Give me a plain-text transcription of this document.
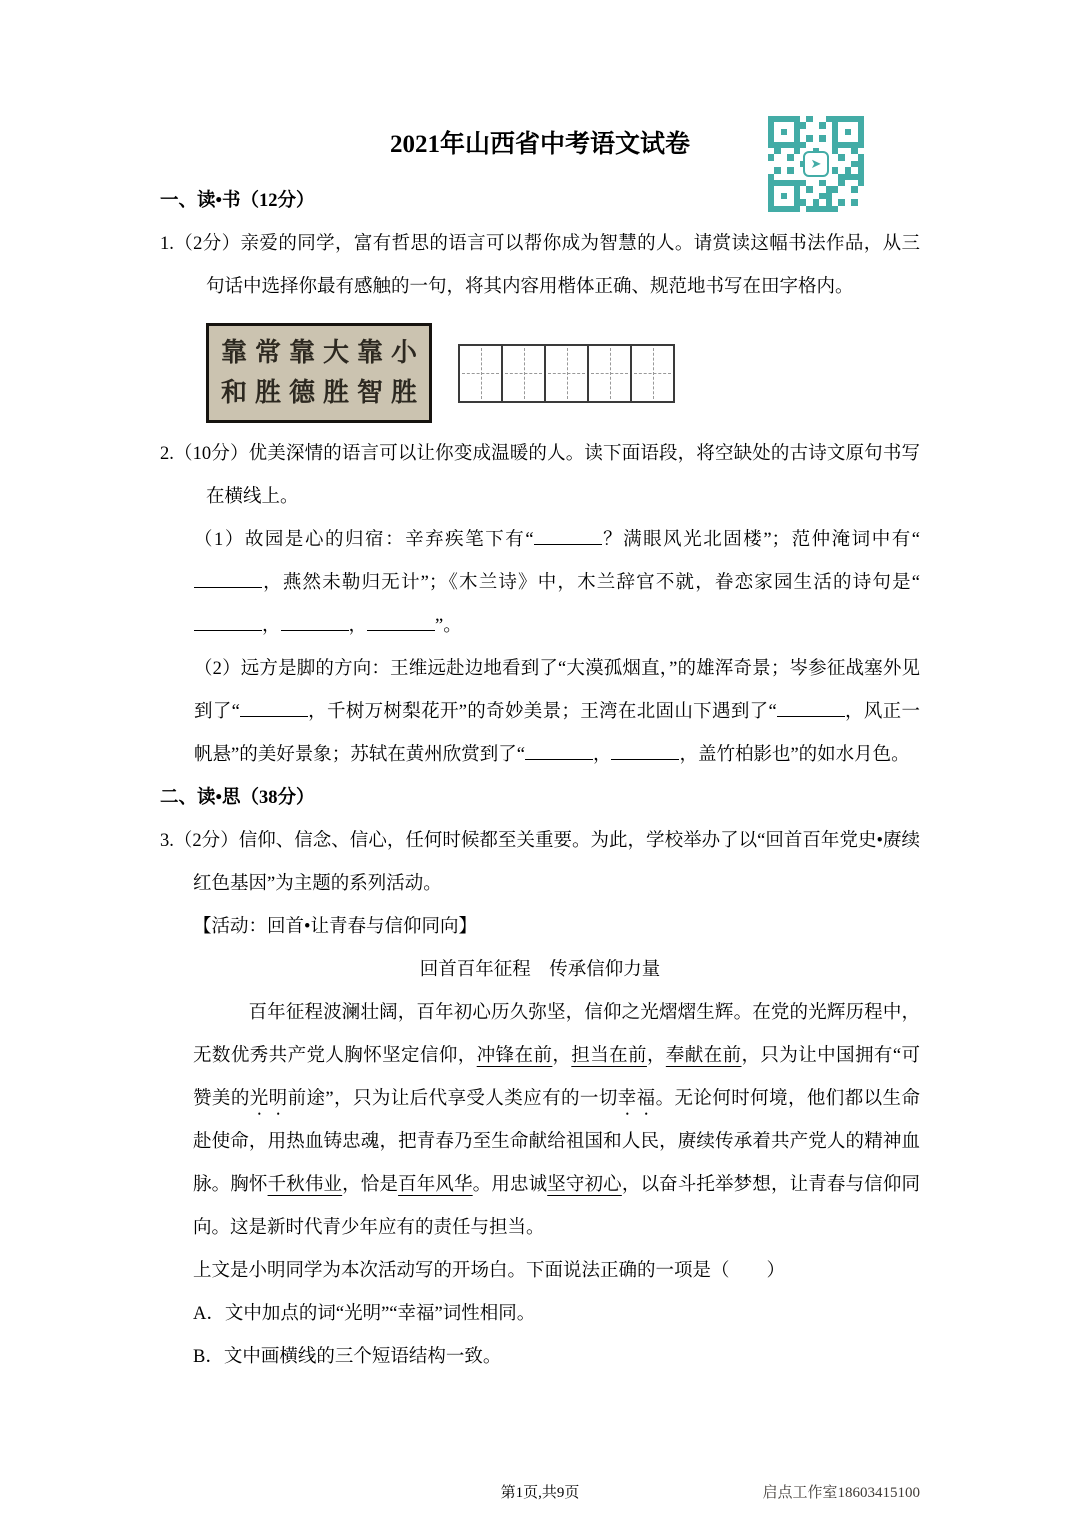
➤
2021年山西省中考语文试卷
一、读•书（12分）

1.（2分）亲爱的同学，富有哲思的语言可以帮你成为智慧的人。请赏读这幅书法作品，从三句话中选择你最有感触的一句，将其内容用楷体正确、规范地书写在田字格内。

靠常靠大靠小
和胜德胜智胜

2.（10分）优美深情的语言可以让你变成温暖的人。读下面语段，将空缺处的古诗文原句书写在横线上。

（1）故园是心的归宿：辛弃疾笔下有“	？满眼风光北固楼”；范仲淹词中有“，燕然未勒归无计”；《木兰诗》中，木兰辞官不就，眷恋家园生活的诗句是“，	，	”。

（2）远方是脚的方向：王维远赴边地看到了“大漠孤烟直，”的雄浑奇景；岑参征战塞外见到了“	，千树万树梨花开”的奇妙美景；王湾在北固山下遇到了“	，风正一帆悬”的美好景象；苏轼在黄州欣赏到了“	，	，盖竹柏影也”的如水月色。

二、读•思（38分）

3.（2分）信仰、信念、信心，任何时候都至关重要。为此，学校举办了以“回首百年党史•赓续红色基因”为主题的系列活动。

【活动：回首•让青春与信仰同向】

回首百年征程　传承信仰力量

百年征程波澜壮阔，百年初心历久弥坚，信仰之光熠熠生辉。在党的光辉历程中，无数优秀共产党人胸怀坚定信仰，冲锋在前，担当在前，奉献在前，只为让中国拥有“可赞美的光明前途”，只为让后代享受人类应有的一切幸福。无论何时何境，他们都以生命赴使命，用热血铸忠魂，把青春乃至生命献给祖国和人民，赓续传承着共产党人的精神血脉。胸怀千秋伟业，恰是百年风华。用忠诚坚守初心，以奋斗托举梦想，让青春与信仰同向。这是新时代青少年应有的责任与担当。

上文是小明同学为本次活动写的开场白。下面说法正确的一项是（　　）

A．文中加点的词“光明”“幸福”词性相同。

B．文中画横线的三个短语结构一致。

第1页,共9页	启点工作室18603415100
